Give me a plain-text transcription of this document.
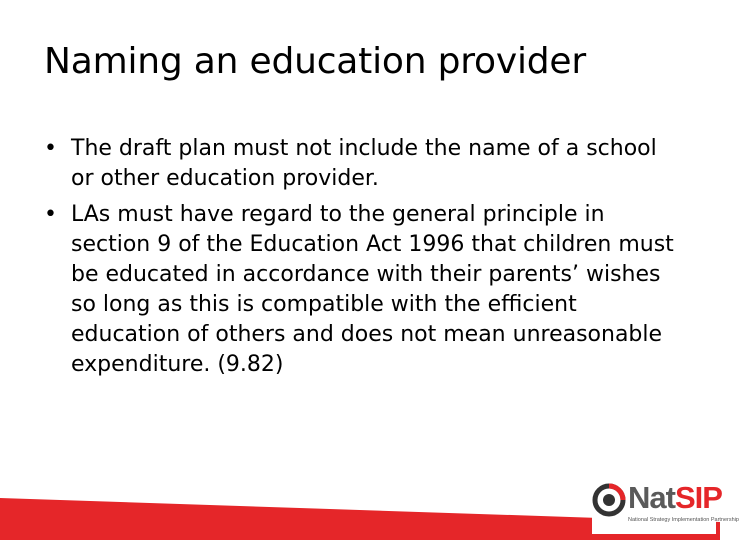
Naming an education provider
• The draft plan must not include the name of a school or other education provider.
• LAs must have regard to the general principle in section 9 of the Education Act 1996 that children must be educated in accordance with their parents’ wishes so long as this is compatible with the efficient education of others and does not mean unreasonable expenditure. (9.82)
NatSIP
National Strategy Implementation Partnership
